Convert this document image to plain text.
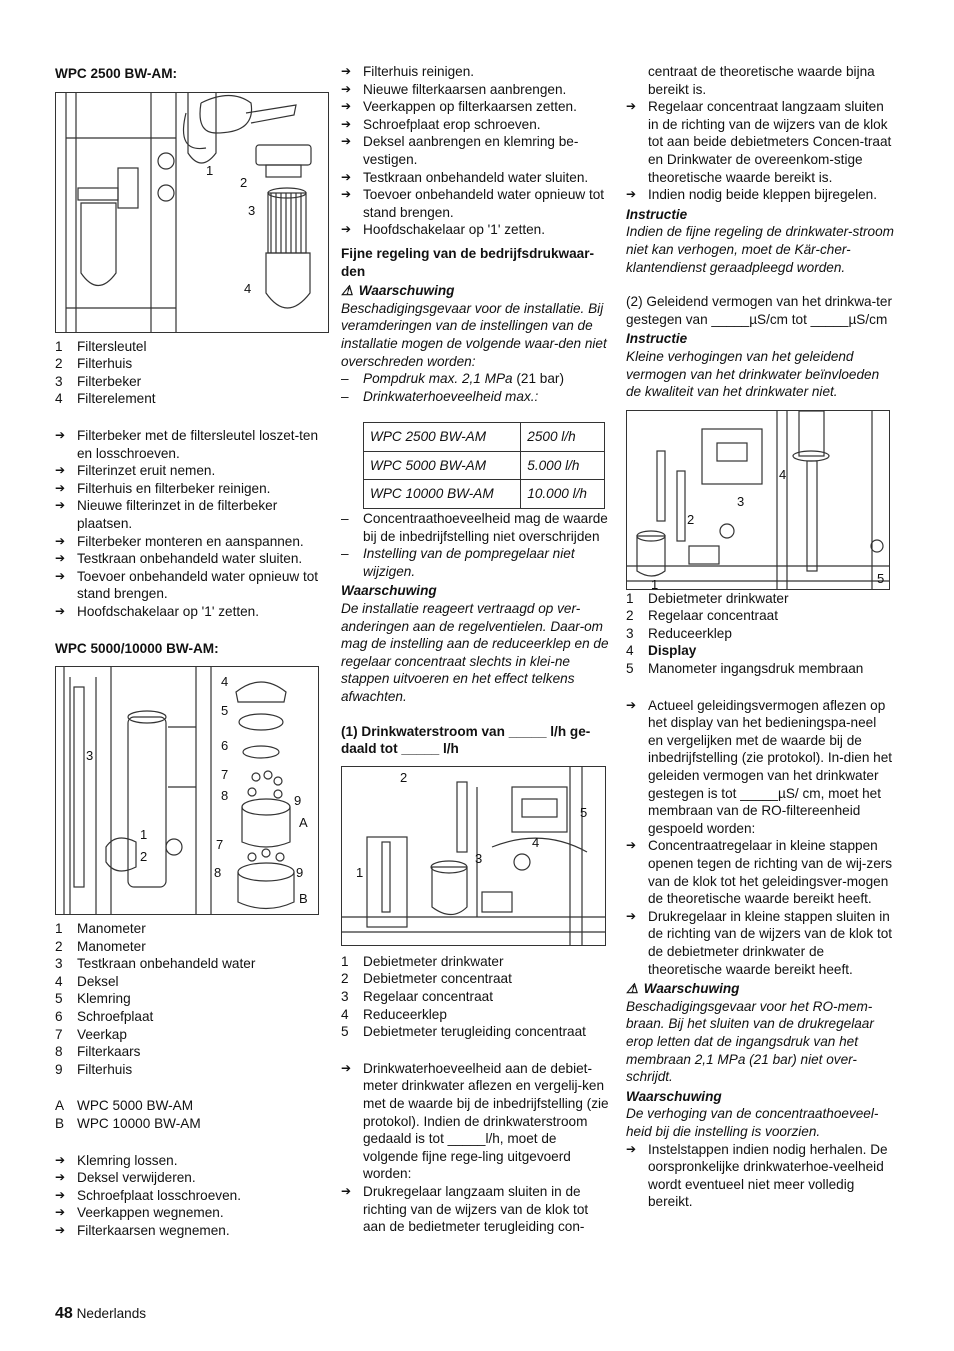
WPC 2500 BW-AM:
1
2
3
4
1	Filtersleutel
2	Filterhuis
3	Filterbeker
4	Filterelement
➔ Filterbeker met de filtersleutel loszet-ten en losschroeven.
➔ Filterinzet eruit nemen.
➔ Filterhuis en filterbeker reinigen.
➔ Nieuwe filterinzet in de filterbeker plaatsen.
➔ Filterbeker monteren en aanspannen.
➔ Testkraan onbehandeld water sluiten.
➔ Toevoer onbehandeld water opnieuw tot stand brengen.
➔ Hoofdschakelaar op '1' zetten.
WPC 5000/10000 BW-AM:
4
5
6
7
8	9
A
7
8	9
B
3
1
2
1	Manometer
2	Manometer
3	Testkraan onbehandeld water
4	Deksel
5	Klemring
6	Schroefplaat
7	Veerkap
8	Filterkaars
9	Filterhuis
A WPC 5000 BW-AM
B WPC 10000 BW-AM
➔ Klemring lossen.
➔ Deksel verwijderen.
➔ Schroefplaat losschroeven.
➔ Veerkappen wegnemen.
➔ Filterkaarsen wegnemen.
➔ Filterhuis reinigen.
➔ Nieuwe filterkaarsen aanbrengen.
➔ Veerkappen op filterkaarsen zetten.
➔ Schroefplaat erop schroeven.
➔ Deksel aanbrengen en klemring be-vestigen.
➔ Testkraan onbehandeld water sluiten.
➔ Toevoer onbehandeld water opnieuw tot stand brengen.
➔ Hoofdschakelaar op '1' zetten.
Fijne regeling van de bedrijfsdrukwaar-den
⚠ Waarschuwing
Beschadigingsgevaar voor de installatie. Bij veramderingen van de instellingen van de installatie mogen de volgende waar-den niet overschreden worden:
–	Pompdruk max. 2,1 MPa (21 bar)
–	Drinkwaterhoeveelheid max.:
WPC 2500 BW-AM	2500 l/h
WPC 5000 BW-AM	5.000 l/h
WPC 10000 BW-AM	10.000 l/h
–	Concentraathoeveelheid mag de waarde bij de inbedrijfstelling niet overschrijden
–	Instelling van de pompregelaar niet wijzigen.
Waarschuwing
De installatie reageert vertraagd op ver-anderingen aan de regelventielen. Daar-om mag de instelling aan de reduceerklep en de regelaar concentraat slechts in klei-ne stappen uitvoeren en het effect telkens afwachten.
(1) Drinkwaterstroom van _____ l/h ge-daald tot _____ l/h
2
5
4
3
1
1	Debietmeter drinkwater
2	Debietmeter concentraat
3	Regelaar concentraat
4	Reduceerklep
5	Debietmeter terugleiding concentraat
➔ Drinkwaterhoeveelheid aan de debiet-meter drinkwater aflezen en vergelij-ken met de waarde bij de inbedrijfstelling (zie protokol). Indien de drinkwaterstroom gedaald is tot _____l/h, moet de volgende fijne rege-ling uitgevoerd worden:
➔ Drukregelaar langzaam sluiten in de richting van de wijzers van de klok tot aan de bedietmeter terugleiding con-
centraat de theoretische waarde bijna bereikt is.
➔ Regelaar concentraat langzaam sluiten in de richting van de wijzers van de klok tot aan beide debietmeters Concen-traat en Drinkwater de overeenkom-stige theoretische waarde bereikt is.
➔ Indien nodig beide kleppen bijregelen.
Instructie
Indien de fijne regeling de drinkwater-stroom niet kan verhogen, moet de Kär-cher-klantendienst geraadpleegd worden.
(2) Geleidend vermogen van het drinkwa-ter gestegen van _____µS/cm tot _____µS/cm
Instructie
Kleine verhogingen van het geleidend vermogen van het drinkwater beïnvloeden de kwaliteit van het drinkwater niet.
4
3
2
1	5
1	Debietmeter drinkwater
2	Regelaar concentraat
3	Reduceerklep
4	Display
5	Manometer ingangsdruk membraan
➔ Actueel geleidingsvermogen aflezen op het display van het bedieningspa-neel en vergelijken met de waarde bij de inbedrijfstelling (zie protokol). In-dien het geleiden vermogen van het drinkwater gestegen is tot _____µS/ cm, moet het membraan van de RO-filtereenheid gespoeld worden:
➔ Concentraatregelaar in kleine stappen openen tegen de richting van de wij-zers van de klok tot het geleidingsver-mogen de theoretische waarde bereikt heeft.
➔ Drukregelaar in kleine stappen sluiten in de richting van de wijzers van de klok tot de debietmeter drinkwater de theoretische waarde bereikt heeft.
⚠ Waarschuwing
Beschadigingsgevaar voor het RO-mem-braan. Bij het sluiten van de drukregelaar erop letten dat de ingangsdruk van het membraan 2,1 MPa (21 bar) niet over-schrijdt.
Waarschuwing
De verhoging van de concentraathoeveel-heid bij die instelling is voorzien.
➔ Instelstappen indien nodig herhalen. De oorspronkelijke drinkwaterhoe-veelheid wordt eventueel niet meer volledig bereikt.
48 Nederlands
